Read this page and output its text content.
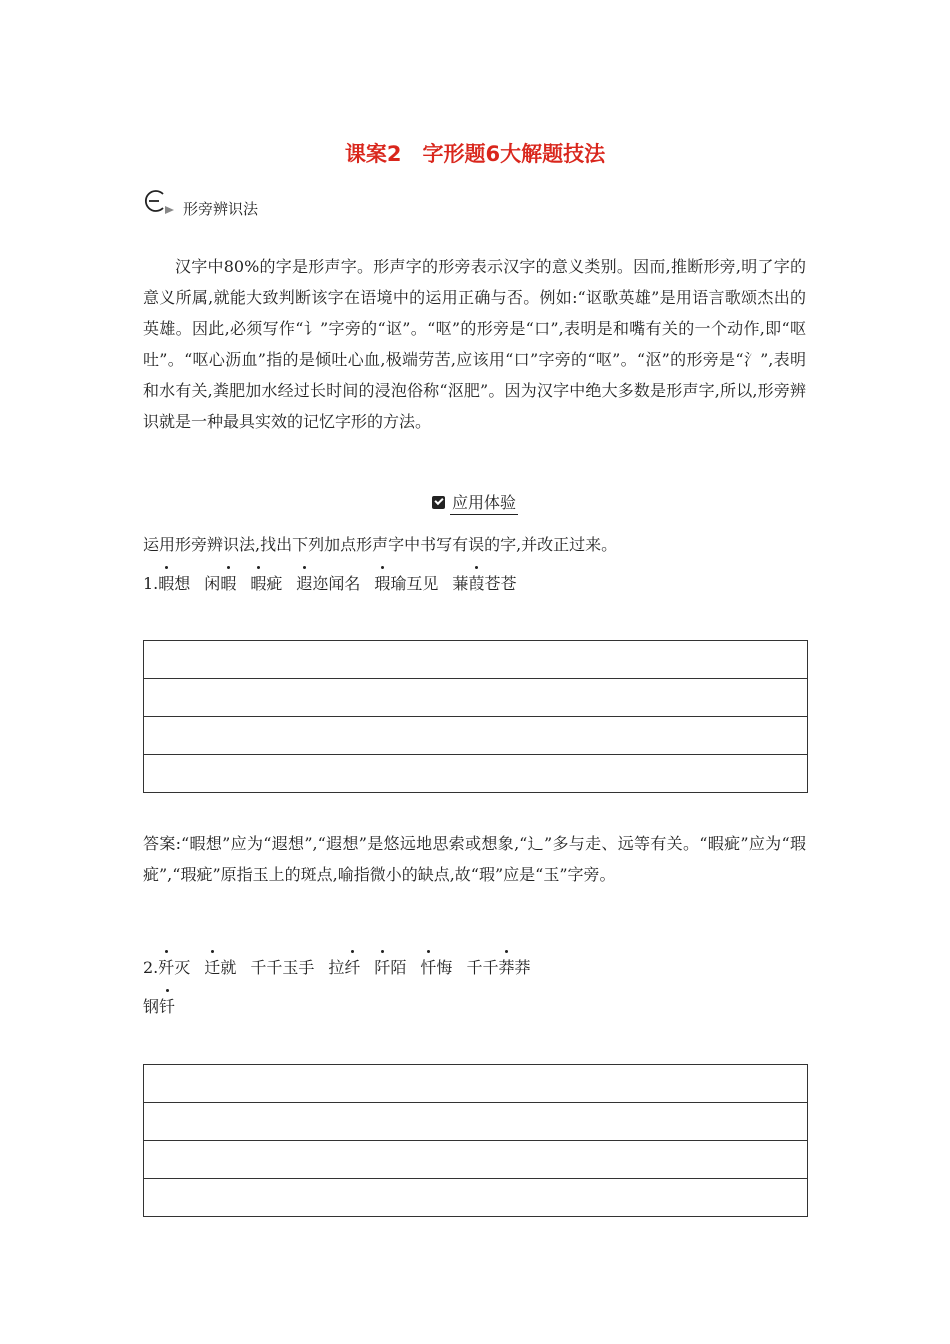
课案2　字形题6大解题技法
形旁辨识法

汉字中80%的字是形声字。形声字的形旁表示汉字的意义类别。因而,推断形旁,明了字的意义所属,就能大致判断该字在语境中的运用正确与否。例如:“讴歌英雄”是用语言歌颂杰出的英雄。因此,必须写作“讠”字旁的“讴”。“呕”的形旁是“口”,表明是和嘴有关的一个动作,即“呕吐”。“呕心沥血”指的是倾吐心血,极端劳苦,应该用“口”字旁的“呕”。“沤”的形旁是“氵”,表明和水有关,粪肥加水经过长时间的浸泡俗称“沤肥”。因为汉字中绝大多数是形声字,所以,形旁辨识就是一种最具实效的记忆字形的方法。

应用体验
运用形旁辨识法,找出下列加点形声字中书写有误的字,并改正过来。
1.暇想 闲暇 暇疵 遐迩闻名 瑕瑜互见 蒹葭苍苍

答案:“暇想”应为“遐想”,“遐想”是悠远地思索或想象,“辶”多与走、远等有关。“暇疵”应为“瑕疵”,“瑕疵”原指玉上的斑点,喻指微小的缺点,故“瑕”应是“玉”字旁。

2.歼灭 迁就 千千玉手 拉纤 阡陌 忏悔 千千莽莽
钢钎
